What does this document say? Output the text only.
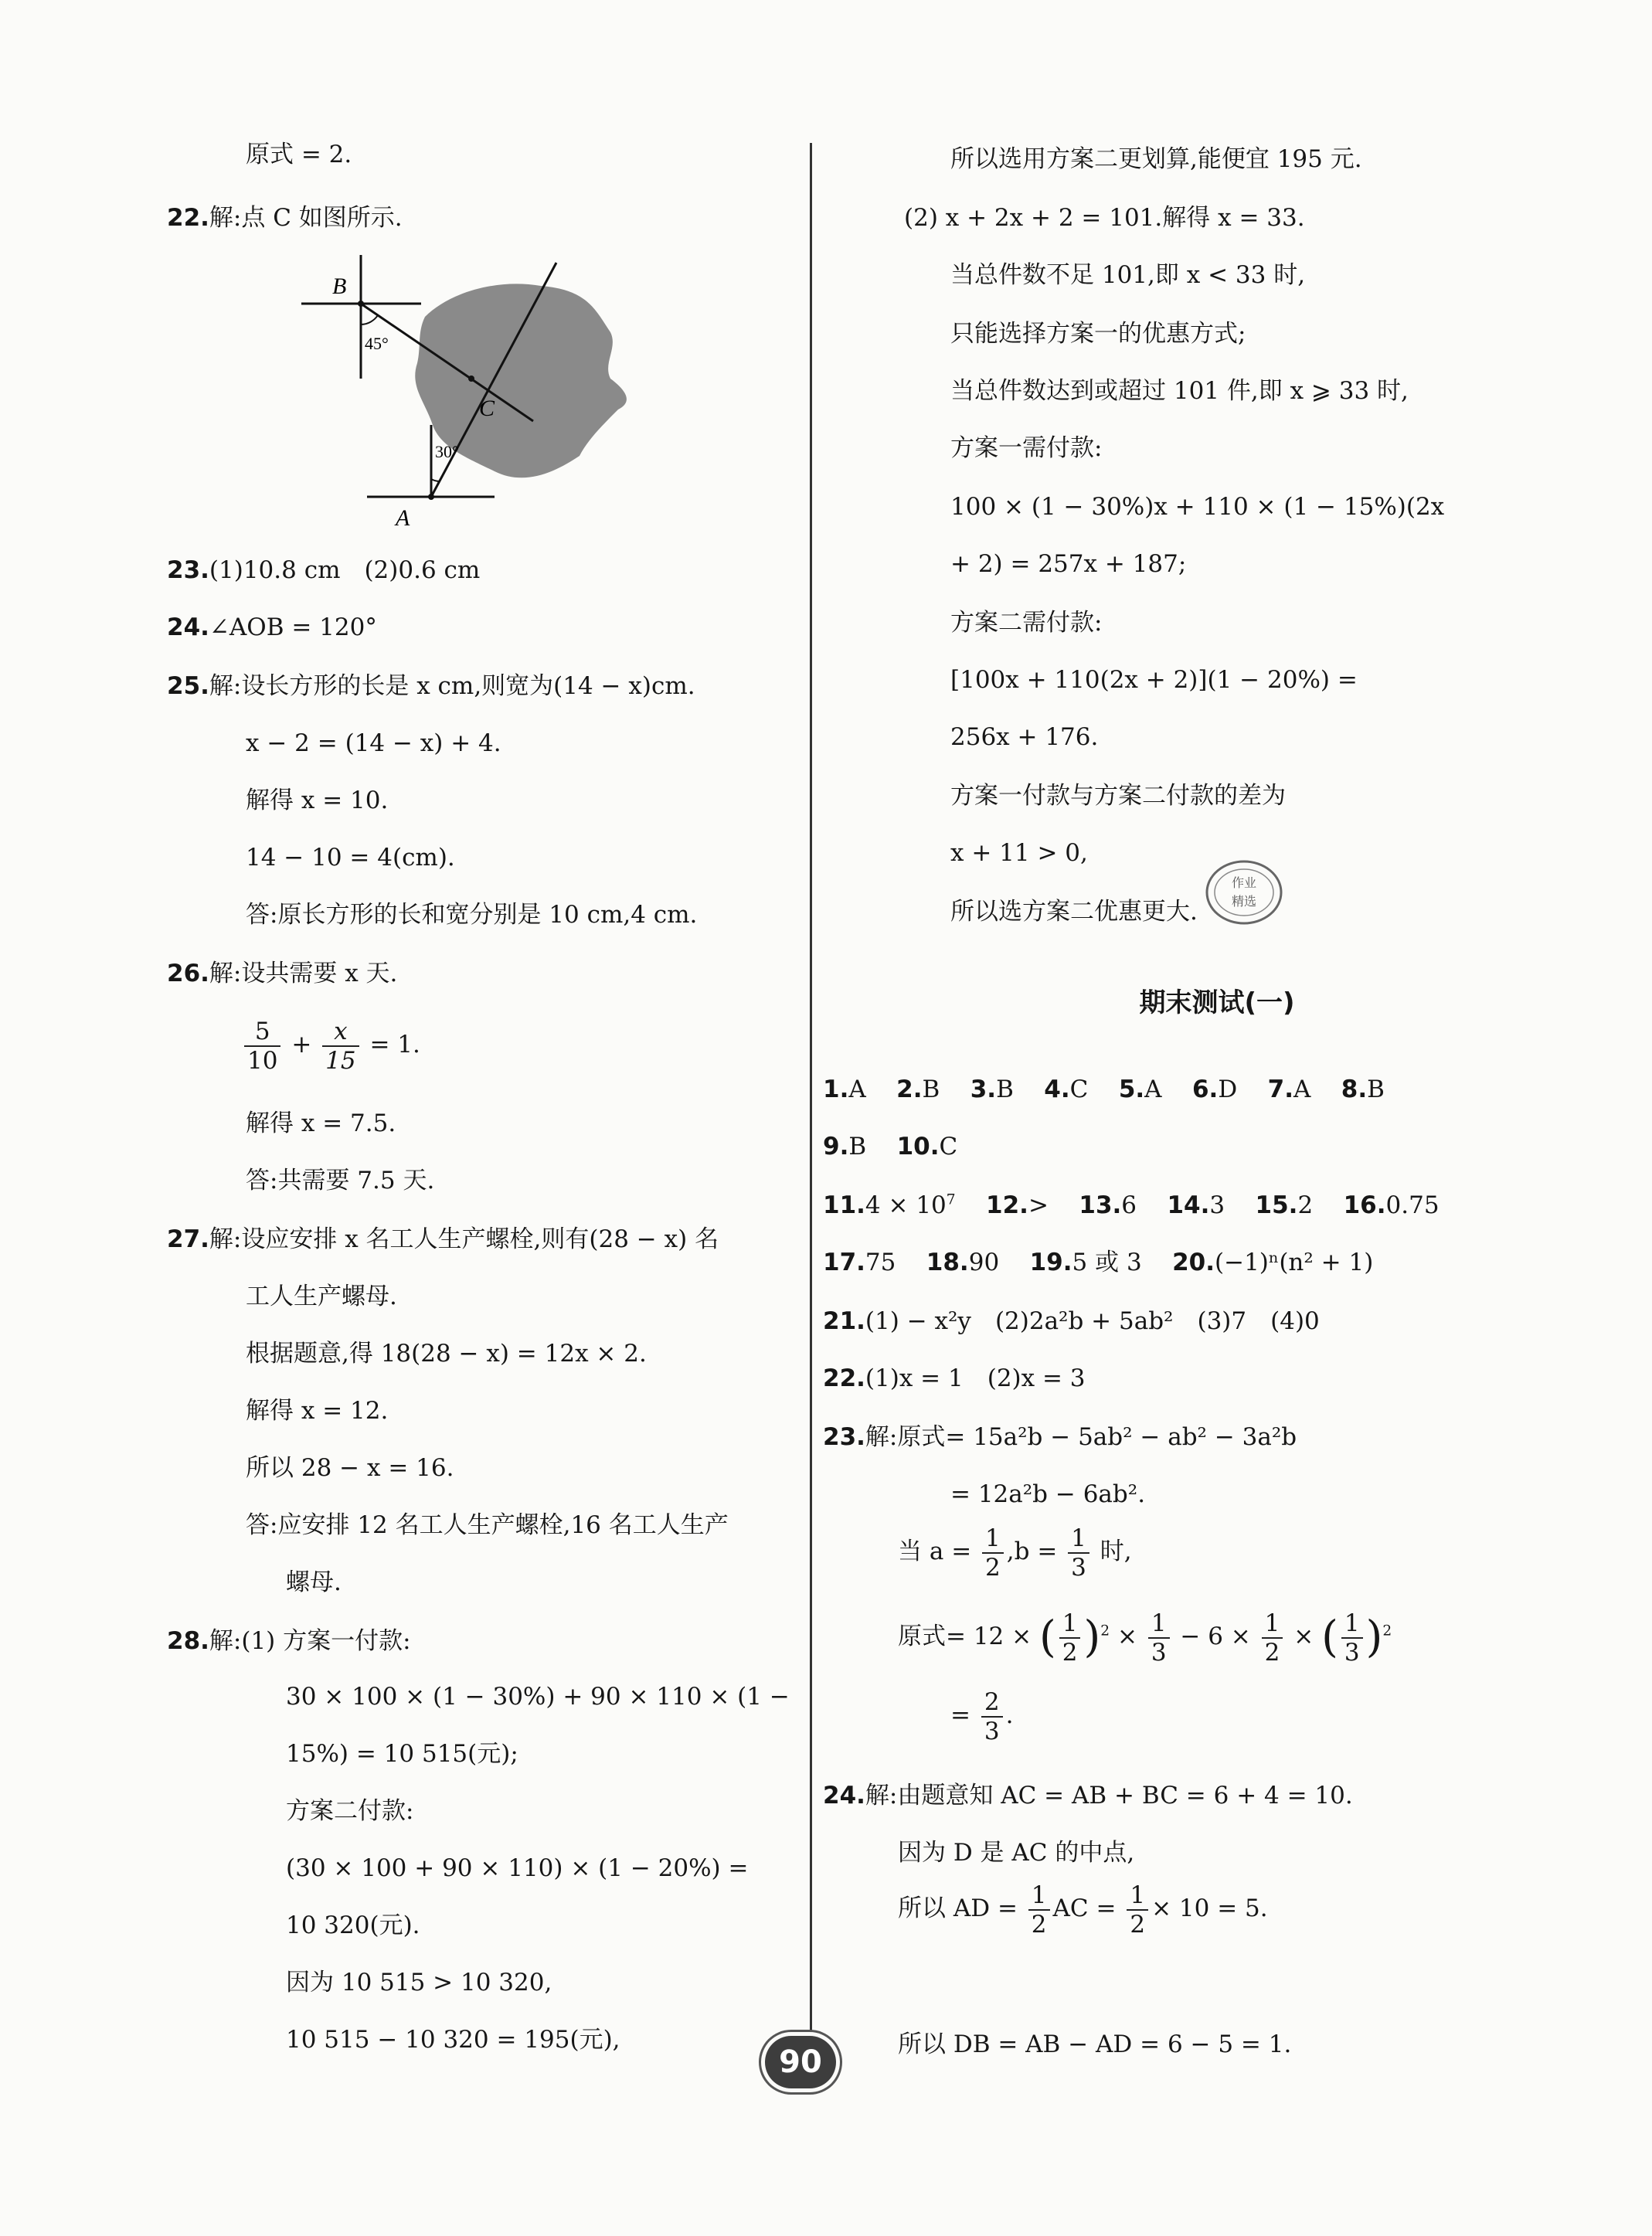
原式 = 2.
22.解:点 C 如图所示.
B
C
A
45°
30°
23.(1)10.8 cm　(2)0.6 cm
24.∠AOB = 120°
25.解:设长方形的长是 x cm,则宽为(14 − x)cm.
x − 2 = (14 − x) + 4.
解得 x = 10.
14 − 10 = 4(cm).
答:原长方形的长和宽分别是 10 cm,4 cm.
26.解:设共需要 x 天.
$\frac{5}{10} + \frac{x}{15} = 1$.
解得 x = 7.5.
答:共需要 7.5 天.
27.解:设应安排 x 名工人生产螺栓,则有(28 − x) 名
工人生产螺母.
根据题意,得 18(28 − x) = 12x × 2.
解得 x = 12.
所以 28 − x = 16.
答:应安排 12 名工人生产螺栓,16 名工人生产
螺母.
28.解:(1) 方案一付款:
30 × 100 × (1 − 30%) + 90 × 110 × (1 −
15%) = 10 515(元);
方案二付款:
(30 × 100 + 90 × 110) × (1 − 20%) =
10 320(元).
因为 10 515 > 10 320,
10 515 − 10 320 = 195(元),
所以选用方案二更划算,能便宜 195 元.
(2) x + 2x + 2 = 101.解得 x = 33.
当总件数不足 101,即 x < 33 时,
只能选择方案一的优惠方式;
当总件数达到或超过 101 件,即 x ⩾ 33 时,
方案一需付款:
100 × (1 − 30%)x + 110 × (1 − 15%)(2x
+ 2) = 257x + 187;
方案二需付款:
[100x + 110(2x + 2)](1 − 20%) =
256x + 176.
方案一付款与方案二付款的差为
x + 11 > 0,
所以选方案二优惠更大.
作业
精选
期末测试(一)
1.A 2.B 3.B 4.C 5.A 6.D 7.A 8.B
9.B 10.C
$11.4 \times 10^7$ 12.> 13.6 14.3 15.2 16.0.75
17.75 18.90 19.5 或 3 20.(−1)ⁿ(n² + 1)
21.(1) − x²y　(2)2a²b + 5ab²　(3)7　(4)0
22.(1)x = 1　(2)x = 3
23.解:原式= 15a²b − 5ab² − ab² − 3a²b
= 12a²b − 6ab².
当 $a = \frac{1}{2} ,b = \frac{1}{3}$ 时,
原式= 12 × ( $\frac{1}{2} )^2 \times \frac{1}{3} - 6 \times \frac{1}{2}$ × ( $\frac{1}{3} )^2$
= $\frac{2}{3}$ .
24.解:由题意知 AC = AB + BC = 6 + 4 = 10.
因为 D 是 AC 的中点,
所以 AD = $\frac{1}{2}$ AC = $\frac{1}{2} \times 10 = 5$.
所以 DB = AB − AD = 6 − 5 = 1.
90
